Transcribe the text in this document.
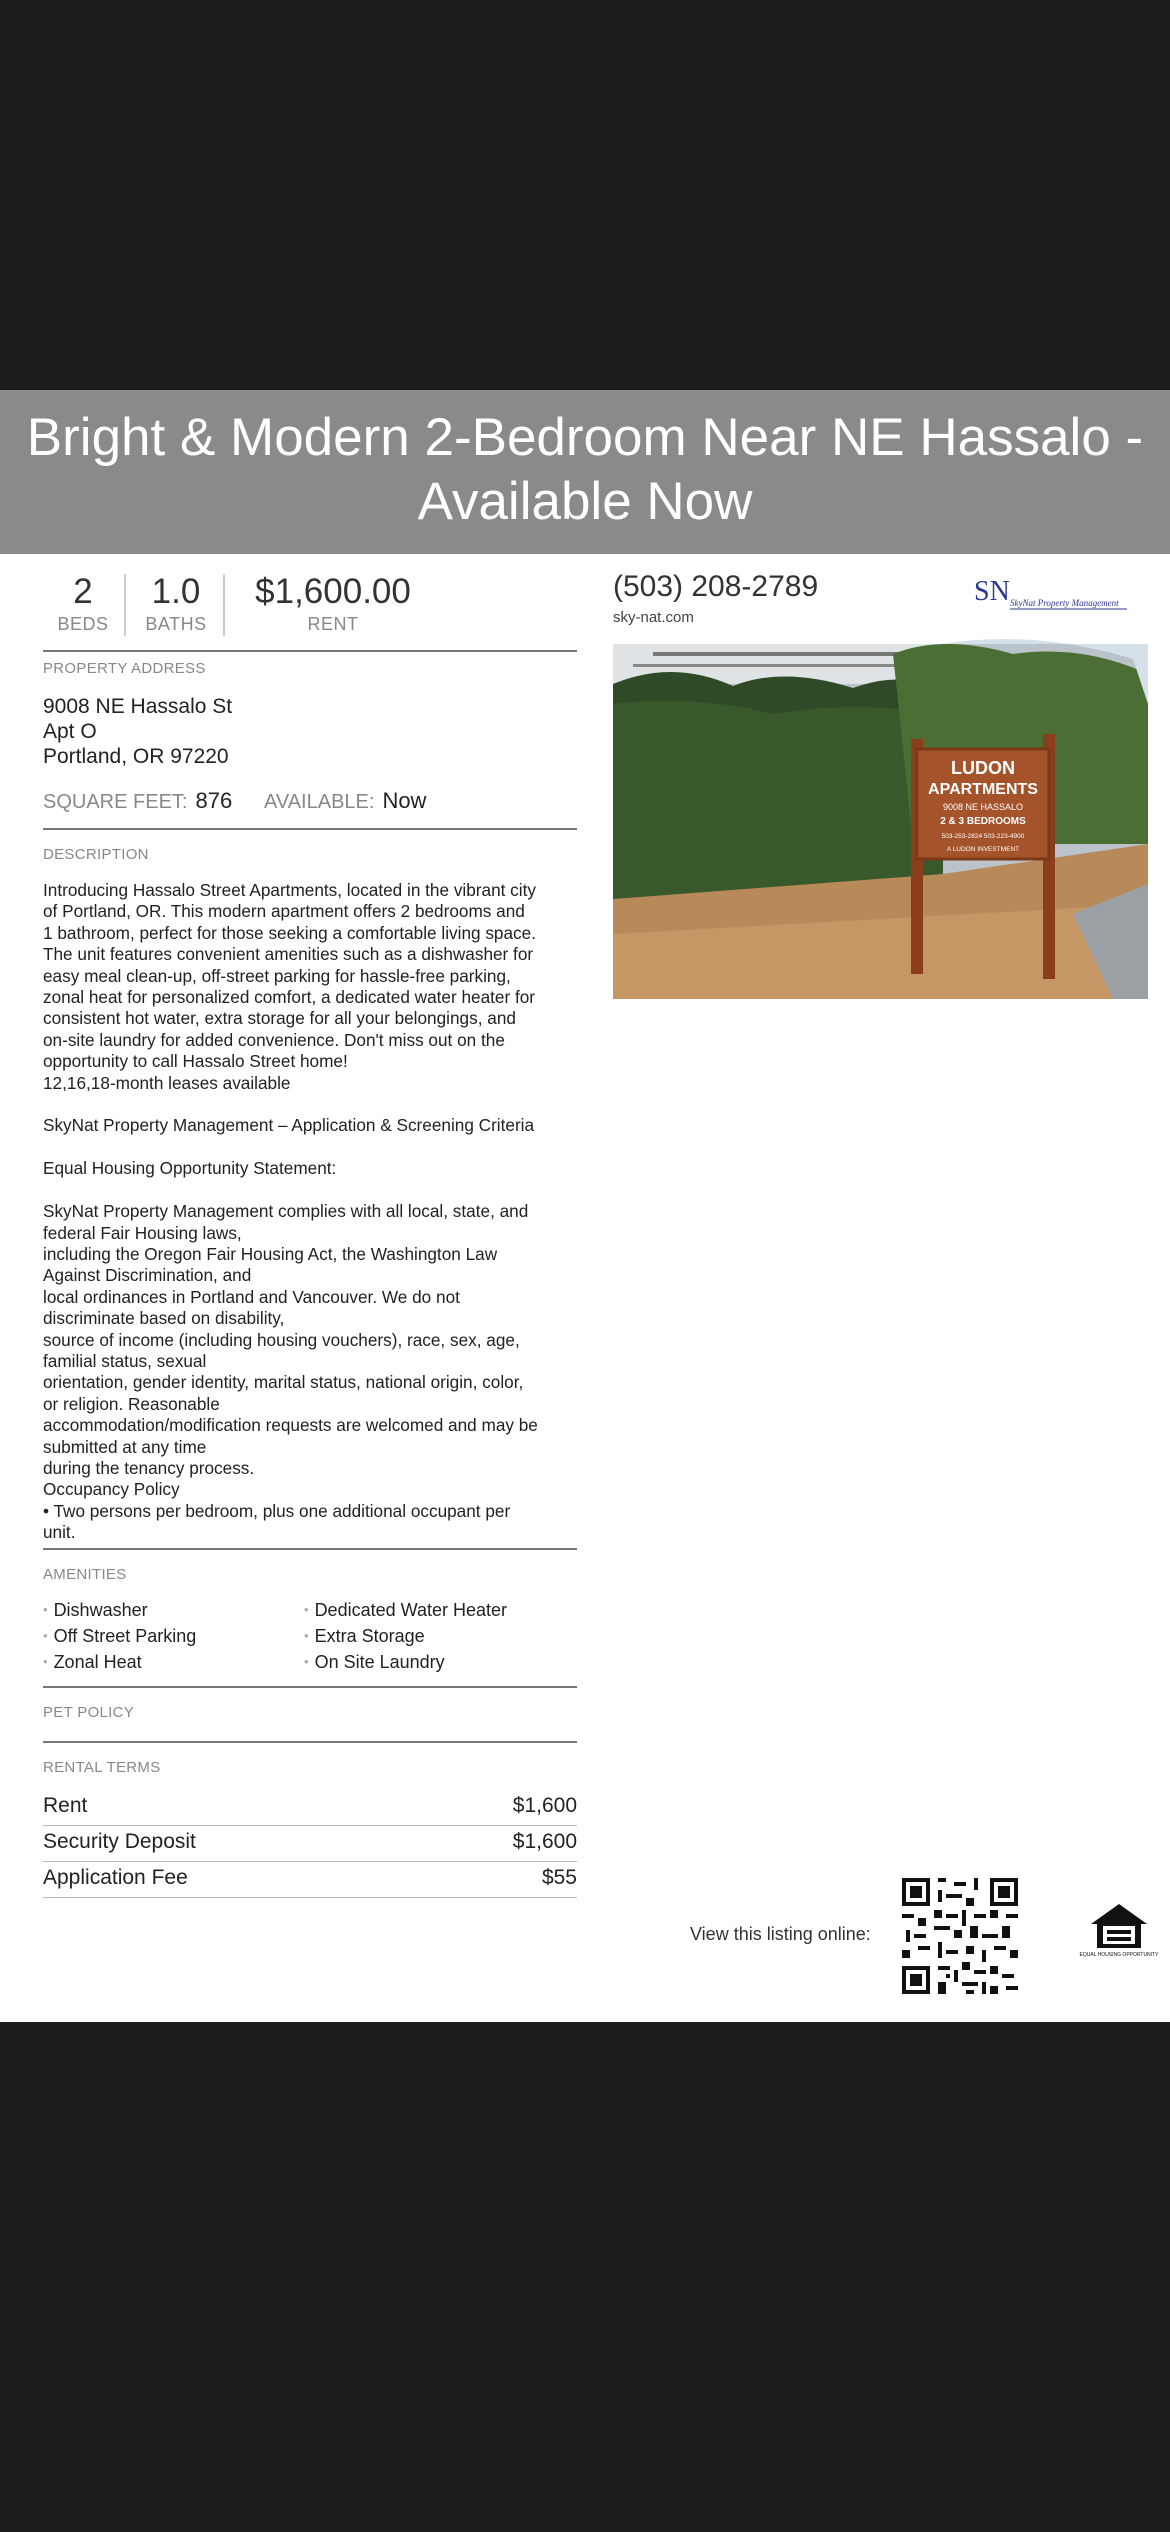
Bright & Modern 2-Bedroom Near NE Hassalo -
Available Now
2
BEDS
1.0
BATHS
$1,600.00
RENT
PROPERTY ADDRESS
9008 NE Hassalo St
Apt O
Portland, OR 97220
SQUARE FEET: 876 AVAILABLE: Now
DESCRIPTION
Introducing Hassalo Street Apartments, located in the vibrant city
of Portland, OR. This modern apartment offers 2 bedrooms and
1 bathroom, perfect for those seeking a comfortable living space.
The unit features convenient amenities such as a dishwasher for
easy meal clean-up, off-street parking for hassle-free parking,
zonal heat for personalized comfort, a dedicated water heater for
consistent hot water, extra storage for all your belongings, and
on-site laundry for added convenience. Don't miss out on the
opportunity to call Hassalo Street home!
12,16,18-month leases available

SkyNat Property Management – Application & Screening Criteria

Equal Housing Opportunity Statement:

SkyNat Property Management complies with all local, state, and
federal Fair Housing laws,
including the Oregon Fair Housing Act, the Washington Law
Against Discrimination, and
local ordinances in Portland and Vancouver. We do not
discriminate based on disability,
source of income (including housing vouchers), race, sex, age,
familial status, sexual
orientation, gender identity, marital status, national origin, color,
or religion. Reasonable
accommodation/modification requests are welcomed and may be
submitted at any time
during the tenancy process.
Occupancy Policy
• Two persons per bedroom, plus one additional occupant per
unit.
AMENITIES
• Dishwasher
• Off Street Parking
• Zonal Heat
• Dedicated Water Heater
• Extra Storage
• On Site Laundry
PET POLICY
RENTAL TERMS
Rent	$1,600
Security Deposit	$1,600
Application Fee	$55
(503) 208-2789
sky-nat.com
SN SkyNat Property Management
LUDON
APARTMENTS
9008 NE HASSALO
2 & 3 BEDROOMS
503-253-2824 503-223-4900
A LUDON INVESTMENT
View this listing online:
EQUAL HOUSING OPPORTUNITY
